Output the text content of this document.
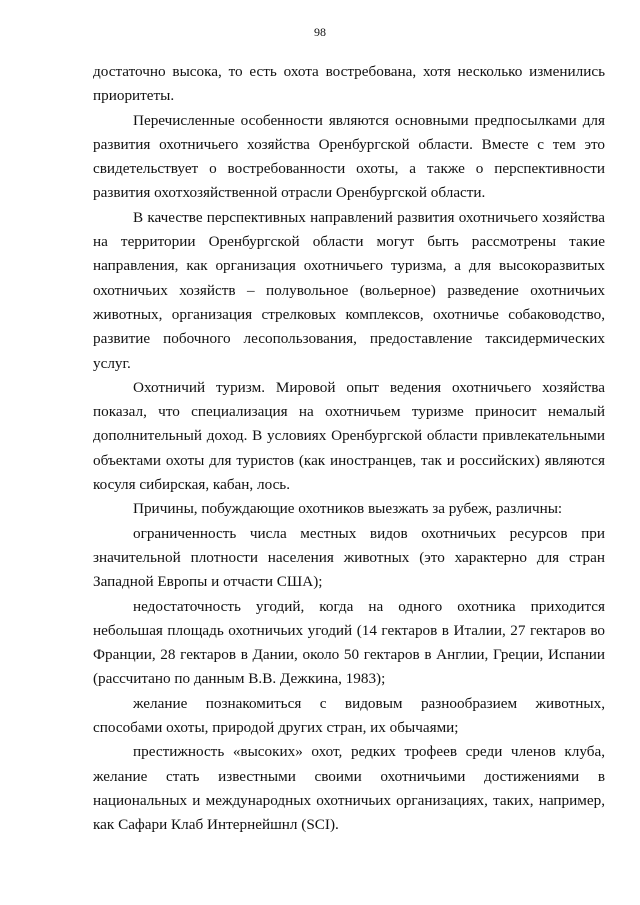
98

достаточно высока, то есть охота востребована, хотя несколько изменились приоритеты.

Перечисленные особенности являются основными предпосылками для развития охотничьего хозяйства Оренбургской области. Вместе с тем это свидетельствует о востребованности охоты, а также о перспективности развития охотхозяйственной отрасли Оренбургской области.

В качестве перспективных направлений развития охотничьего хозяйства на территории Оренбургской области могут быть рассмотрены такие направления, как организация охотничьего туризма, а для высокоразвитых охотничьих хозяйств – полувольное (вольерное) разведение охотничьих животных, организация стрелковых комплексов, охотничье собаководство, развитие побочного лесопользования, предоставление таксидермических услуг.

Охотничий туризм. Мировой опыт ведения охотничьего хозяйства показал, что специализация на охотничьем туризме приносит немалый дополнительный доход. В условиях Оренбургской области привлекательными объектами охоты для туристов (как иностранцев, так и российских) являются косуля сибирская, кабан, лось.

Причины, побуждающие охотников выезжать за рубеж, различны:

ограниченность числа местных видов охотничьих ресурсов при значительной плотности населения животных (это характерно для стран Западной Европы и отчасти США);

недостаточность угодий, когда на одного охотника приходится небольшая площадь охотничьих угодий (14 гектаров в Италии, 27 гектаров во Франции, 28 гектаров в Дании, около 50 гектаров в Англии, Греции, Испании (рассчитано по данным В.В. Дежкина, 1983);

желание познакомиться с видовым разнообразием животных, способами охоты, природой других стран, их обычаями;

престижность «высоких» охот, редких трофеев среди членов клуба, желание стать известными своими охотничьими достижениями в национальных и международных охотничьих организациях, таких, например, как Сафари Клаб Интернейшнл (SCI).
